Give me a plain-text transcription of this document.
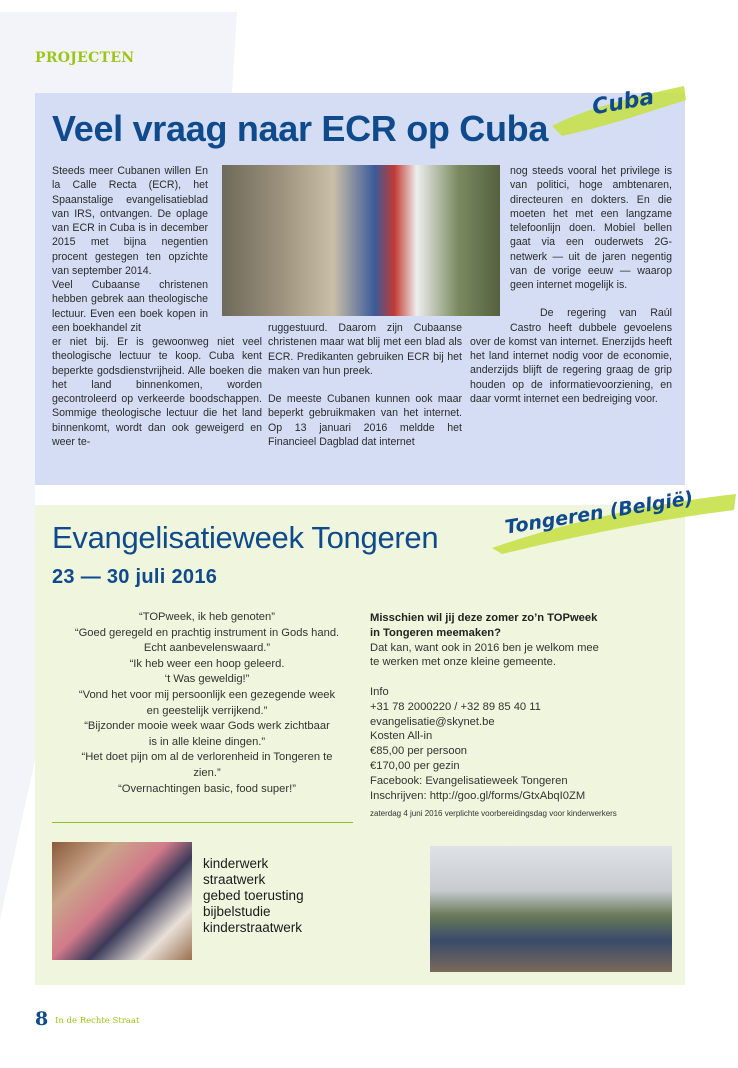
PROJECTEN
Veel vraag naar ECR op Cuba
Cuba

Steeds meer Cubanen willen En la Calle Recta (ECR), het Spaanstalige evangelisatieblad van IRS, ontvangen. De oplage van ECR in Cuba is in december 2015 met bijna negentien procent gestegen ten opzichte van september 2014.

Veel Cubaanse christenen hebben gebrek aan theologische lectuur. Even een boek kopen in een boekhandel zit

er niet bij. Er is gewoonweg niet veel theologische lectuur te koop. Cuba kent beperkte godsdienstvrijheid. Alle boeken die het land binnenkomen, worden gecontroleerd op verkeerde boodschappen. Sommige theologische lectuur die het land binnenkomt, wordt dan ook geweigerd en weer te-

ruggestuurd. Daarom zijn Cubaanse christenen maar wat blij met een blad als ECR. Predikanten gebruiken ECR bij het maken van hun preek.

De meeste Cubanen kunnen ook maar beperkt gebruikmaken van het internet. Op 13 januari 2016 meldde het Financieel Dagblad dat internet

nog steeds vooral het privilege is van politici, hoge ambtenaren, directeuren en dokters. En die moeten het met een langzame telefoonlijn doen. Mobiel bellen gaat via een ouderwets 2G-netwerk — uit de jaren negentig van de vorige eeuw — waarop geen internet mogelijk is.

De regering van Raúl Castro heeft dubbele gevoelens over de komst van internet. Enerzijds heeft het land internet nodig voor de economie, anderzijds blijft de regering graag de grip houden op de informatievoorziening, en daar vormt internet een bedreiging voor.

Evangelisatieweek Tongeren
23 — 30 juli 2016
Tongeren (België)
“TOPweek, ik heb genoten”
“Goed geregeld en prachtig instrument in Gods hand.
Echt aanbevelenswaard.”
“Ik heb weer een hoop geleerd.
‘t Was geweldig!”
“Vond het voor mij persoonlijk een gezegende week
en geestelijk verrijkend.”
“Bijzonder mooie week waar Gods werk zichtbaar
is in alle kleine dingen.”
“Het doet pijn om al de verlorenheid in Tongeren te
zien.”
“Overnachtingen basic, food super!”
Misschien wil jij deze zomer zo’n TOPweek
in Tongeren meemaken?
Dat kan, want ook in 2016 ben je welkom mee
te werken met onze kleine gemeente.
Info
+31 78 2000220 / +32 89 85 40 11
evangelisatie@skynet.be
Kosten All-in
€85,00 per persoon
€170,00 per gezin
Facebook: Evangelisatieweek Tongeren
Inschrijven: http://goo.gl/forms/GtxAbqI0ZM
zaterdag 4 juni 2016 verplichte voorbereidingsdag voor kinderwerkers
kinderwerk
straatwerk
gebed toerusting
bijbelstudie
kinderstraatwerk
8 In de Rechte Straat
